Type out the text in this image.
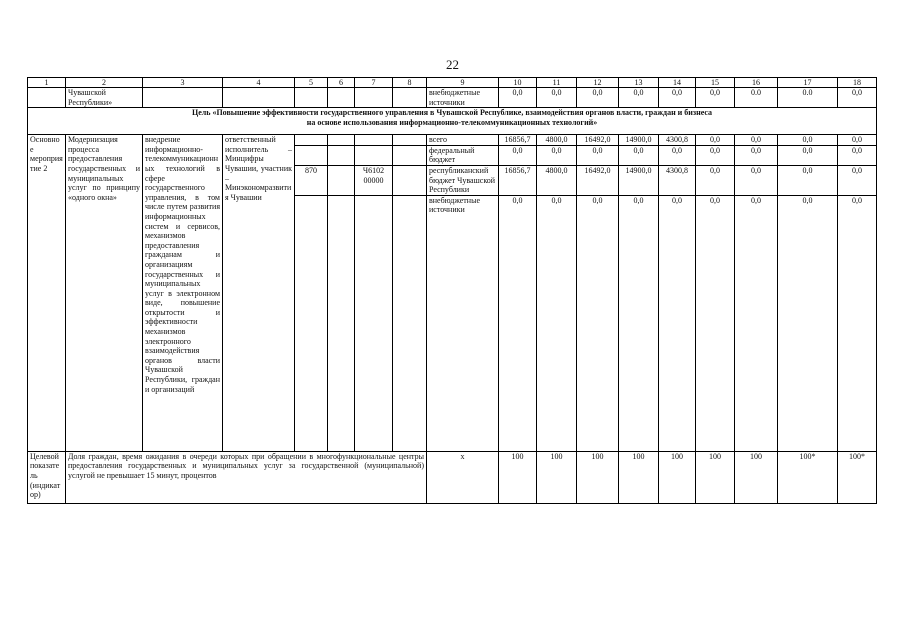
22
1	2	3	4	5	6	7	8	9	10	11	12	13	14	15	16	17	18
	Чувашской Республики»							внебюджетные источники	0,0	0,0	0,0	0,0	0,0	0,0	0.0	0.0	0,0
Цель «Повышение эффективности государственного управления в Чувашской Республике, взаимодействия органов власти, граждан и бизнеса
на основе использования информационно-телекоммуникационных технологий»																	
Основное мероприятие 2	Модернизация процесса предоставления государственных и муниципальных услуг по принципу «одного окна»	внедрение информационно-телекоммуникационных технологий в сфере государственного управления, в том числе путем развития информационных систем и сервисов, механизмов предоставления гражданам и организациям государственных и муниципальных услуг в электронном виде, повышение открытости и эффективности механизмов электронного взаимодействия органов власти Чувашской Республики, граждан и организаций	ответственный исполнитель – Минцифры Чувашии, участник – Минэкономразвития Чувашии					всего	16856,7	4800,0	16492,0	14900,0	4300,8	0,0	0,0	0,0	0,0
								федеральный бюджет	0,0	0,0	0,0	0,0	0,0	0,0	0,0	0,0	0,0
				870		Ч6102 00000		республиканский бюджет Чувашской Республики	16856,7	4800,0	16492,0	14900,0	4300,8	0,0	0,0	0,0	0,0
								внебюджетные источники	0,0	0,0	0,0	0,0	0,0	0,0	0,0	0,0	0,0
Целевой показатель (индикатор)	Доля граждан, время ожидания в очереди которых при обращении в многофункциональные центры предоставления государственных и муниципальных услуг за государственной (муниципальной) услугой не превышает 15 минут, процентов							x	100	100	100	100	100	100	100	100*	100*
